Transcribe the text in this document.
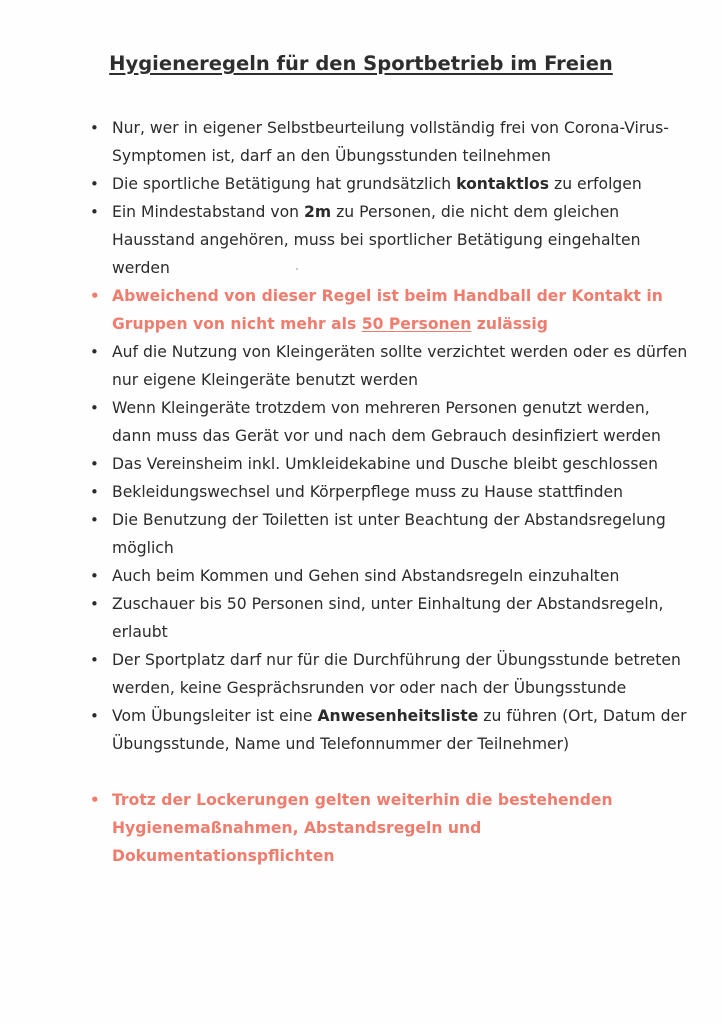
Hygieneregeln für den Sportbetrieb im Freien
• Nur, wer in eigener Selbstbeurteilung vollständig frei von Corona-Virus-Symptomen ist, darf an den Übungsstunden teilnehmen
• Die sportliche Betätigung hat grundsätzlich kontaktlos zu erfolgen
• Ein Mindestabstand von 2m zu Personen, die nicht dem gleichen Hausstand angehören, muss bei sportlicher Betätigung eingehalten werden
• Abweichend von dieser Regel ist beim Handball der Kontakt in Gruppen von nicht mehr als 50 Personen zulässig
• Auf die Nutzung von Kleingeräten sollte verzichtet werden oder es dürfen nur eigene Kleingeräte benutzt werden
• Wenn Kleingeräte trotzdem von mehreren Personen genutzt werden, dann muss das Gerät vor und nach dem Gebrauch desinfiziert werden
• Das Vereinsheim inkl. Umkleidekabine und Dusche bleibt geschlossen
• Bekleidungswechsel und Körperpflege muss zu Hause stattfinden
• Die Benutzung der Toiletten ist unter Beachtung der Abstandsregelung möglich
• Auch beim Kommen und Gehen sind Abstandsregeln einzuhalten
• Zuschauer bis 50 Personen sind, unter Einhaltung der Abstandsregeln, erlaubt
• Der Sportplatz darf nur für die Durchführung der Übungsstunde betreten werden, keine Gesprächsrunden vor oder nach der Übungsstunde
• Vom Übungsleiter ist eine Anwesenheitsliste zu führen (Ort, Datum der Übungsstunde, Name und Telefonnummer der Teilnehmer)
• Trotz der Lockerungen gelten weiterhin die bestehenden Hygienemaßnahmen, Abstandsregeln und Dokumentationspflichten
